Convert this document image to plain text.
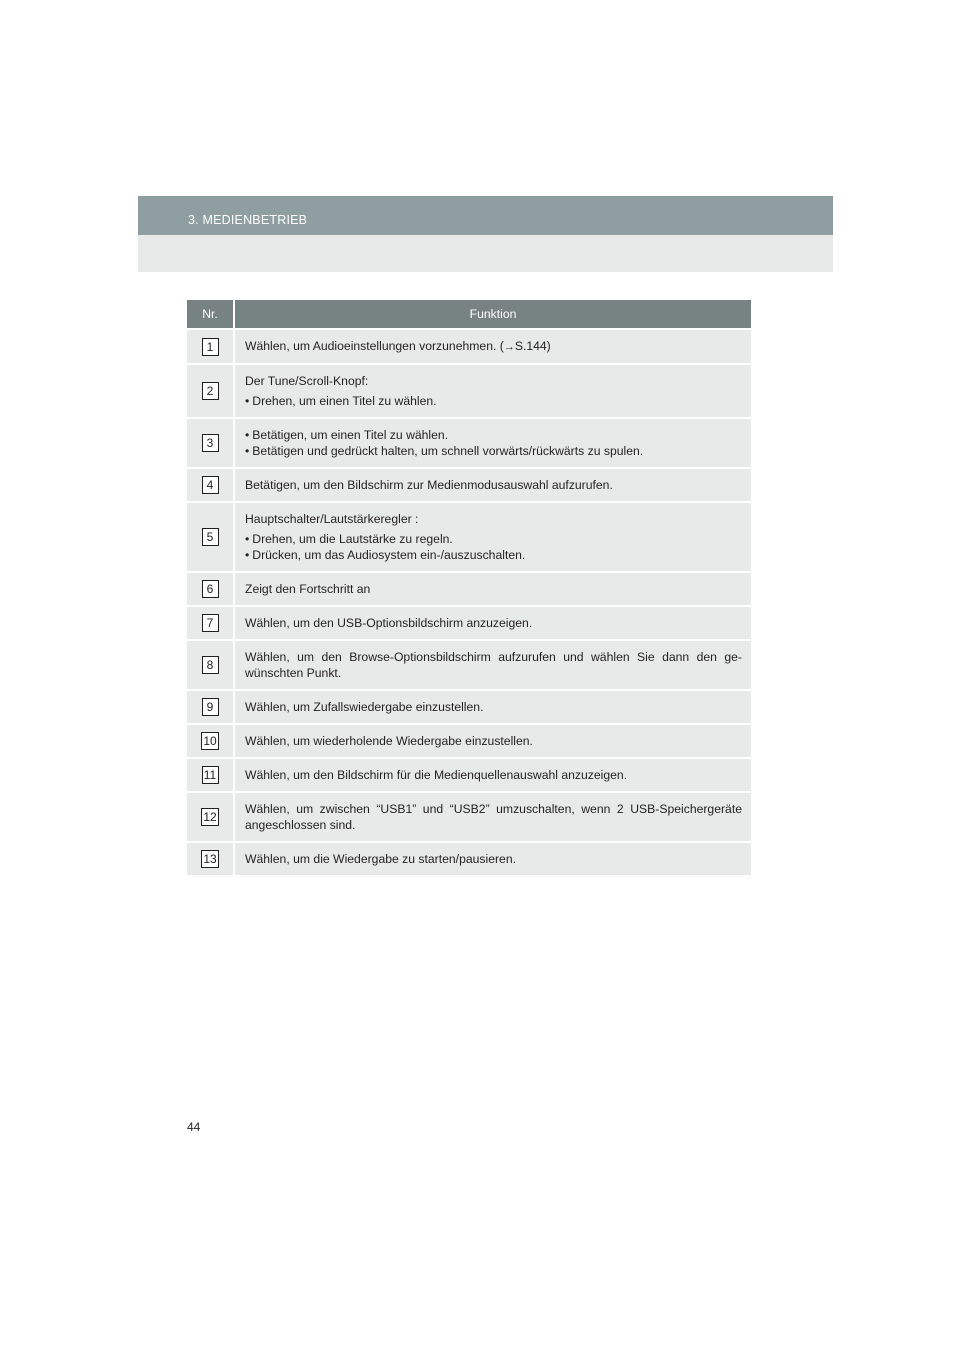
3. MEDIENBETRIEB
Nr.	Funktion
1	Wählen, um Audioeinstellungen vorzunehmen. (→S.144)
2	Der Tune/Scroll-Knopf:
• Drehen, um einen Titel zu wählen.

3	• Betätigen, um einen Titel zu wählen.
• Betätigen und gedrückt halten, um schnell vorwärts/rückwärts zu spulen.

4	Betätigen, um den Bildschirm zur Medienmodusauswahl aufzurufen.
5	Hauptschalter/Lautstärkeregler :
• Drehen, um die Lautstärke zu regeln.
• Drücken, um das Audiosystem ein-/auszuschalten.

6	Zeigt den Fortschritt an
7	Wählen, um den USB-Optionsbildschirm anzuzeigen.
8	Wählen, um den Browse-Optionsbildschirm aufzurufen und wählen Sie dann den ge-wünschten Punkt.
9	Wählen, um Zufallswiedergabe einzustellen.
10	Wählen, um wiederholende Wiedergabe einzustellen.
11	Wählen, um den Bildschirm für die Medienquellenauswahl anzuzeigen.
12	Wählen, um zwischen “USB1” und “USB2” umzuschalten, wenn 2 USB-Speichergeräte angeschlossen sind.
13	Wählen, um die Wiedergabe zu starten/pausieren.
44
